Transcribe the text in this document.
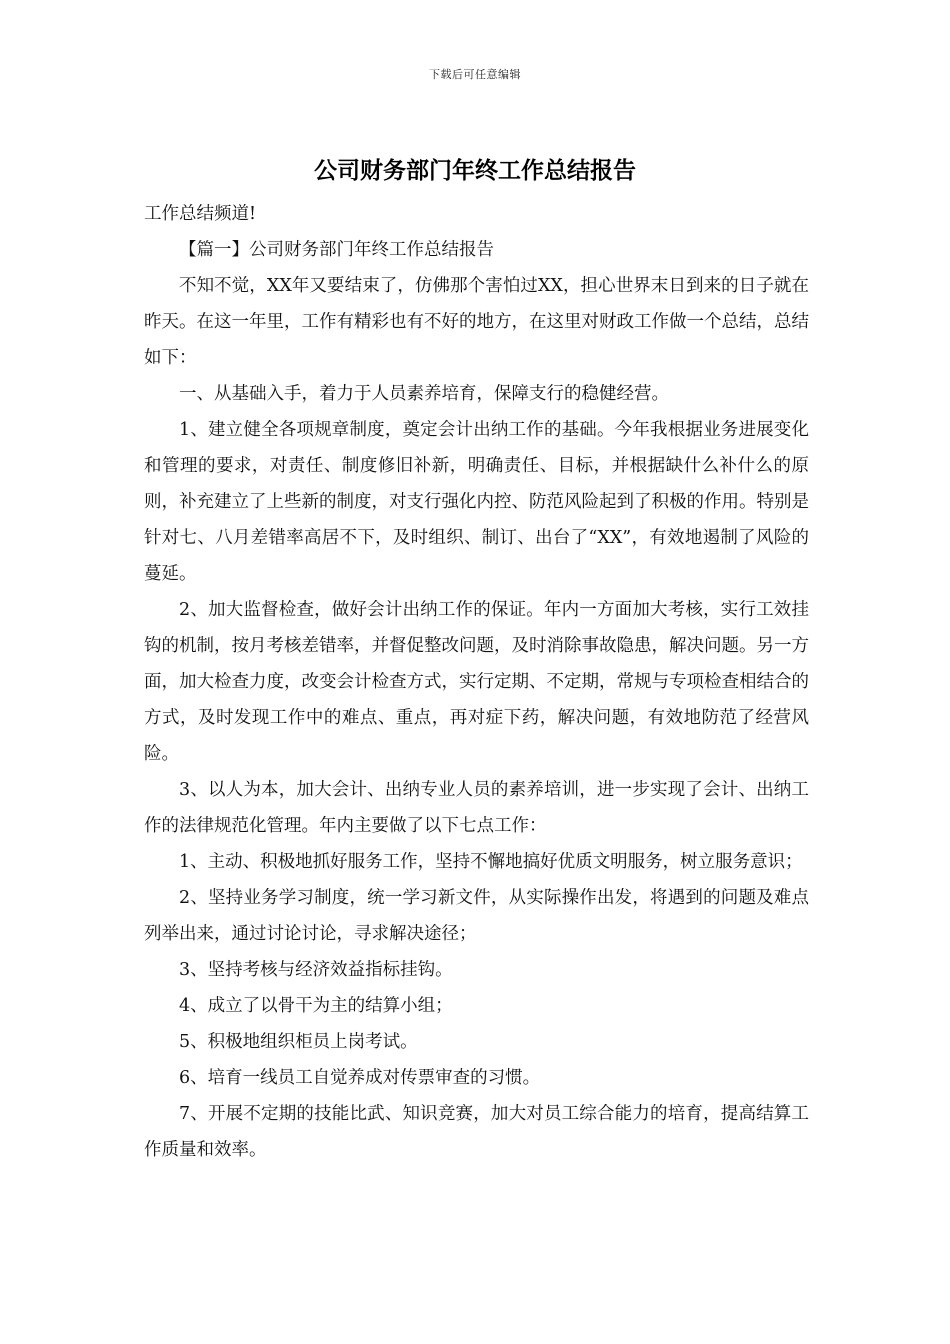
下载后可任意编辑
公司财务部门年终工作总结报告

工作总结频道!

【篇一】公司财务部门年终工作总结报告

不知不觉，XX年又要结束了，仿佛那个害怕过XX，担心世界末日到来的日子就在昨天。在这一年里，工作有精彩也有不好的地方，在这里对财政工作做一个总结，总结如下：

一、从基础入手，着力于人员素养培育，保障支行的稳健经营。

1、建立健全各项规章制度，奠定会计出纳工作的基础。今年我根据业务进展变化和管理的要求，对责任、制度修旧补新，明确责任、目标，并根据缺什么补什么的原则，补充建立了上些新的制度，对支行强化内控、防范风险起到了积极的作用。特别是针对七、八月差错率高居不下，及时组织、制订、出台了“XX”，有效地遏制了风险的蔓延。

2、加大监督检查，做好会计出纳工作的保证。年内一方面加大考核，实行工效挂钩的机制，按月考核差错率，并督促整改问题，及时消除事故隐患，解决问题。另一方面，加大检查力度，改变会计检查方式，实行定期、不定期，常规与专项检查相结合的方式，及时发现工作中的难点、重点，再对症下药，解决问题，有效地防范了经营风险。

3、以人为本，加大会计、出纳专业人员的素养培训，进一步实现了会计、出纳工作的法律规范化管理。年内主要做了以下七点工作：

1、主动、积极地抓好服务工作，坚持不懈地搞好优质文明服务，树立服务意识；

2、坚持业务学习制度，统一学习新文件，从实际操作出发，将遇到的问题及难点列举出来，通过讨论讨论，寻求解决途径；

3、坚持考核与经济效益指标挂钩。

4、成立了以骨干为主的结算小组；

5、积极地组织柜员上岗考试。

6、培育一线员工自觉养成对传票审查的习惯。

7、开展不定期的技能比武、知识竞赛，加大对员工综合能力的培育，提高结算工作质量和效率。
